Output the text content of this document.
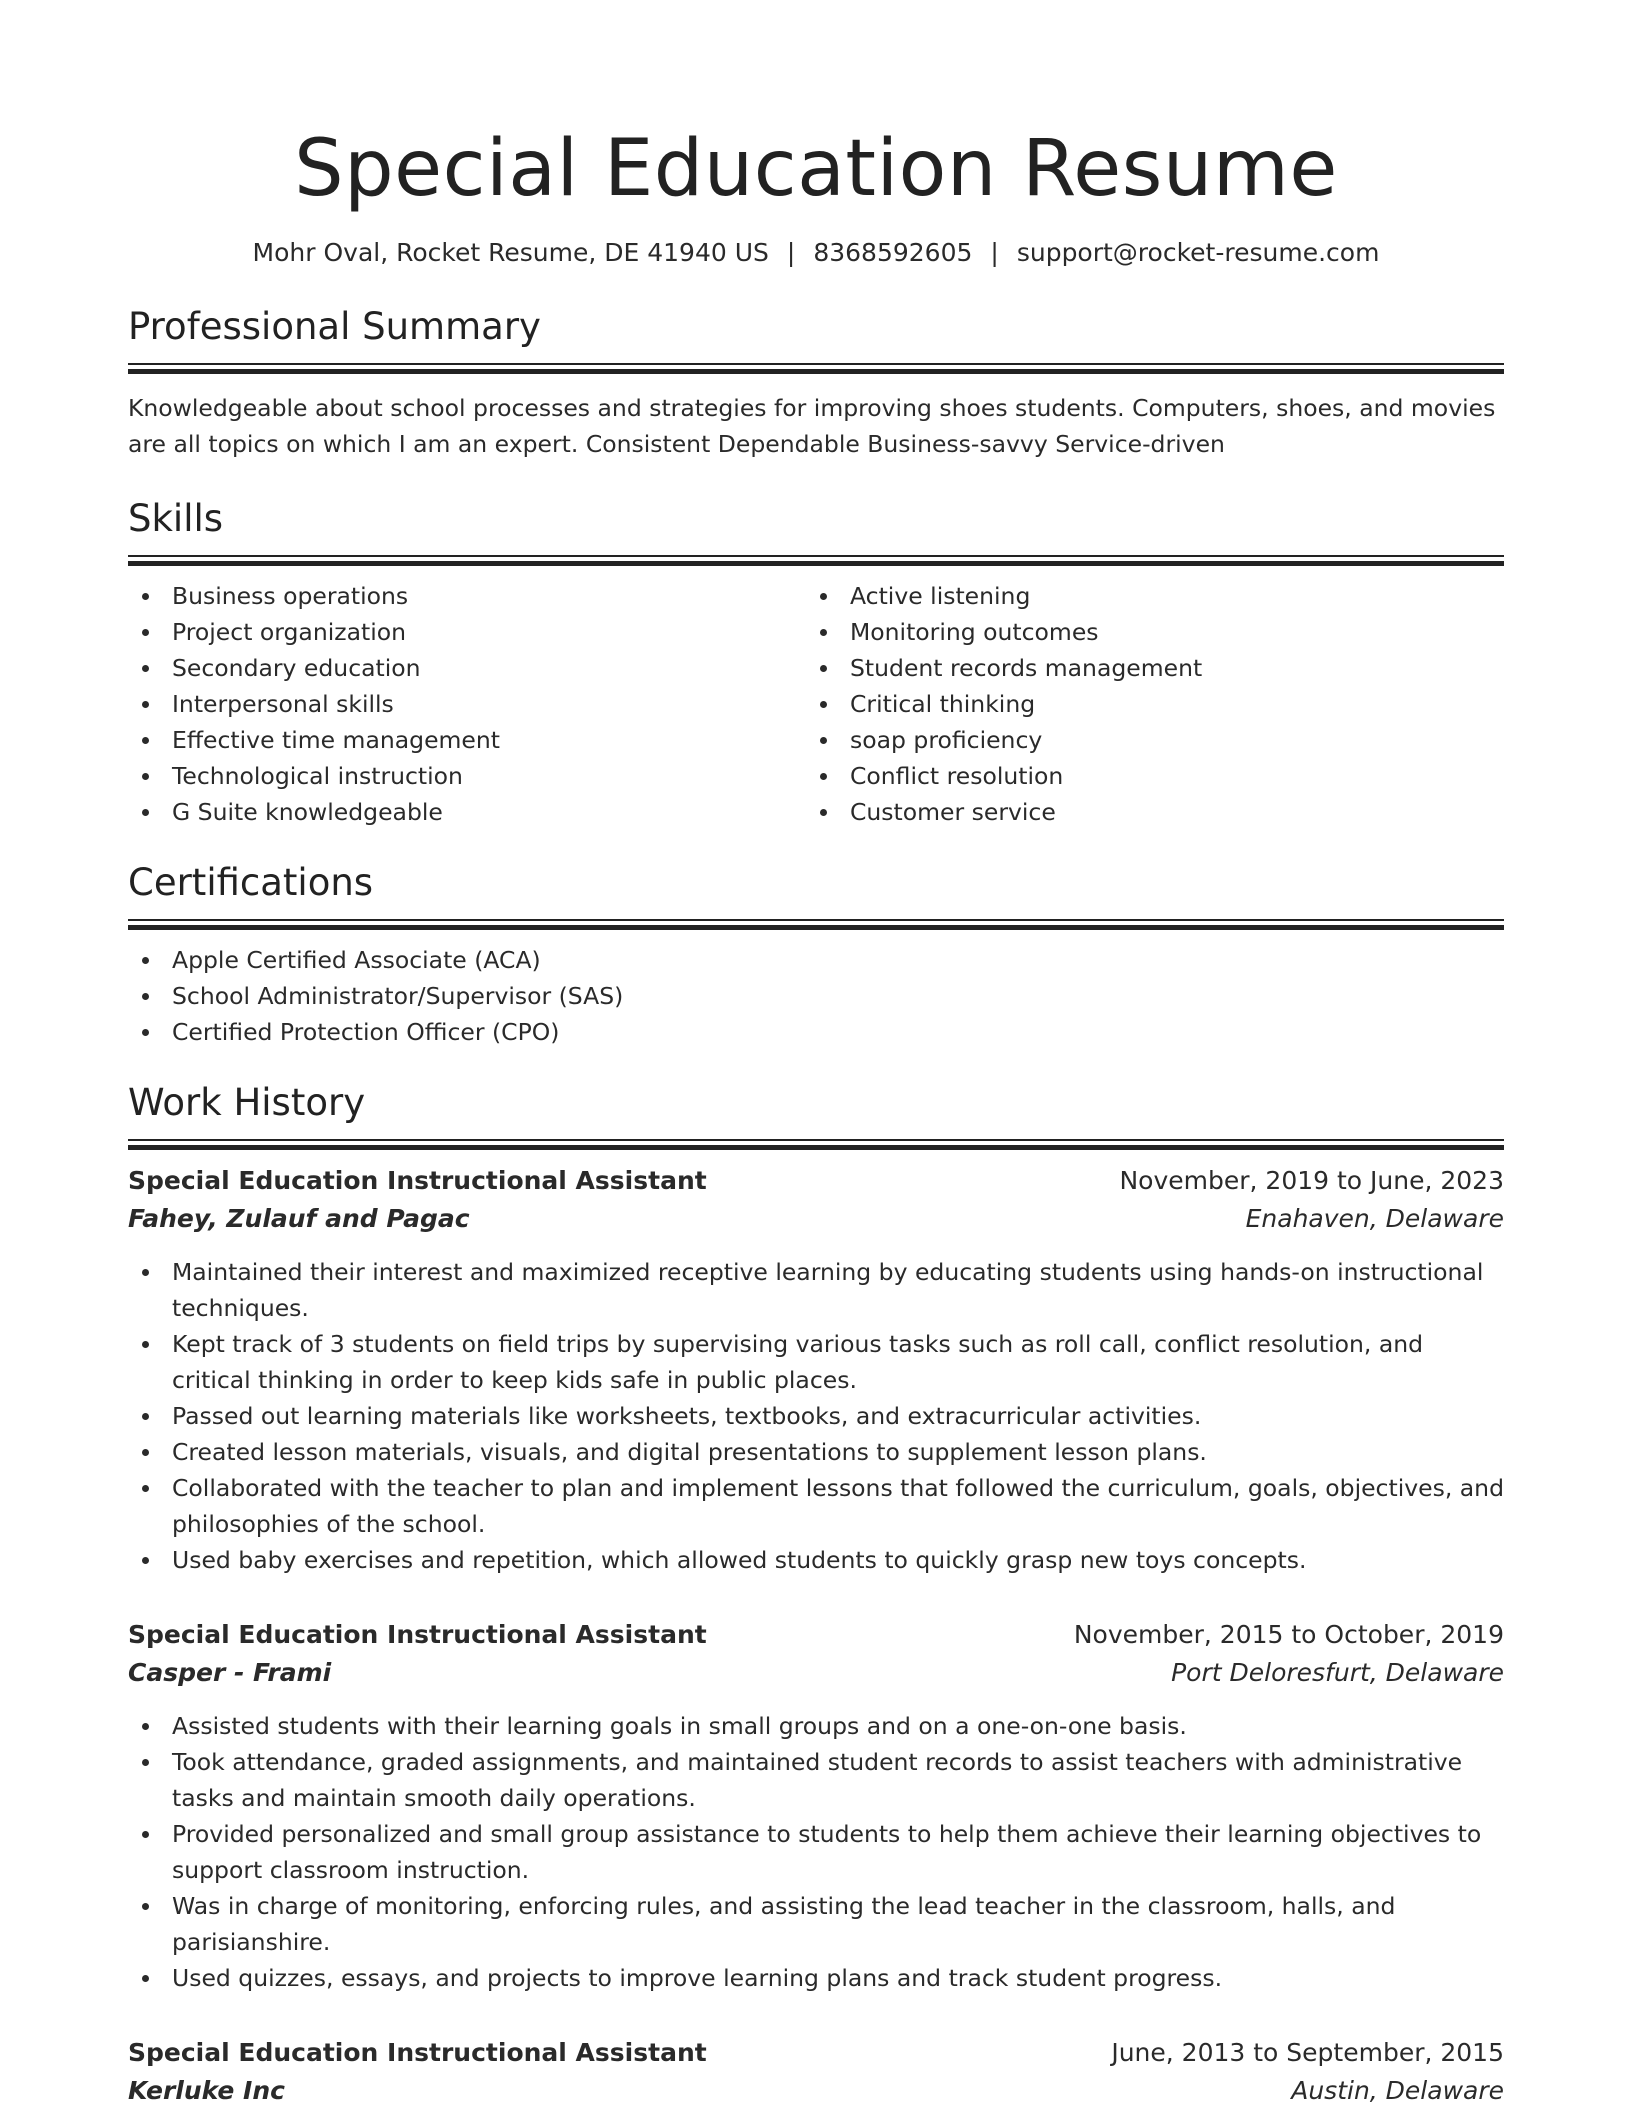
Special Education Resume
Mohr Oval, Rocket Resume, DE 41940 US | 8368592605 | support@rocket-resume.com
Professional Summary

Knowledgeable about school processes and strategies for improving shoes students. Computers, shoes, and movies are all topics on which I am an expert. Consistent Dependable Business-savvy Service-driven

Skills
Business operations
Project organization
Secondary education
Interpersonal skills
Effective time management
Technological instruction
G Suite knowledgeable
Active listening
Monitoring outcomes
Student records management
Critical thinking
soap proficiency
Conflict resolution
Customer service
Certifications
Apple Certified Associate (ACA)
School Administrator/Supervisor (SAS)
Certified Protection Officer (CPO)
Work History
Special Education Instructional Assistant	November, 2019 to June, 2023
Fahey, Zulauf and Pagac	Enahaven, Delaware
Maintained their interest and maximized receptive learning by educating students using hands-on instructional techniques.
Kept track of 3 students on field trips by supervising various tasks such as roll call, conflict resolution, and critical thinking in order to keep kids safe in public places.
Passed out learning materials like worksheets, textbooks, and extracurricular activities.
Created lesson materials, visuals, and digital presentations to supplement lesson plans.
Collaborated with the teacher to plan and implement lessons that followed the curriculum, goals, objectives, and philosophies of the school.
Used baby exercises and repetition, which allowed students to quickly grasp new toys concepts.
Special Education Instructional Assistant	November, 2015 to October, 2019
Casper - Frami	Port Deloresfurt, Delaware
Assisted students with their learning goals in small groups and on a one-on-one basis.
Took attendance, graded assignments, and maintained student records to assist teachers with administrative tasks and maintain smooth daily operations.
Provided personalized and small group assistance to students to help them achieve their learning objectives to support classroom instruction.
Was in charge of monitoring, enforcing rules, and assisting the lead teacher in the classroom, halls, and parisianshire.
Used quizzes, essays, and projects to improve learning plans and track student progress.
Special Education Instructional Assistant	June, 2013 to September, 2015
Kerluke Inc	Austin, Delaware
